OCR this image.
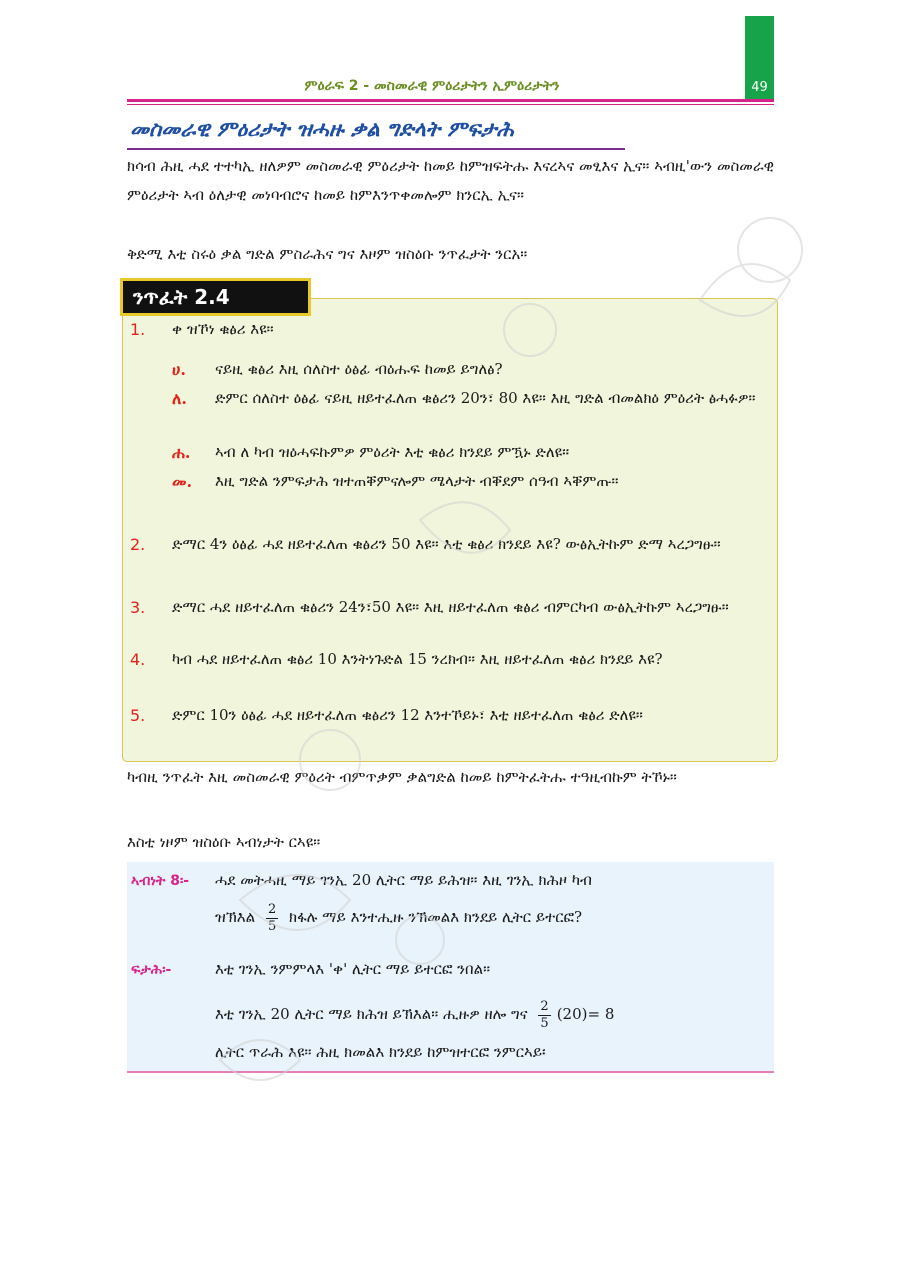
49
ምዕራፍ 2 - መስመራዊ ምዕሪታትን ኢምዕሪታትን
መስመራዊ ምዕሪታት ዝሓዙ ቃል ግድላት ምፍታሕ
ክሳብ ሕዚ ሓደ ተተካኢ ዘለዎም መስመራዊ ምዕሪታት ከመይ ከምዝፍትሑ እናረኣና መፂእና ኢና። ኣብዚ'ውን መስመራዊ ምዕሪታት ኣብ ዕለታዊ መነባብሮና ከመይ ከምእንጥቀመሎም ክንርኢ ኢና።
ቅድሚ እቲ ስሩዕ ቃል ግድል ምስራሕና ግና እዞም ዝስዕቡ ንጥፈታት ንርአ።
ንጥፈት 2.4
1. ቀ ዝኾነ ቁፅሪ እዩ።
ሀ. ናይዚ ቁፅሪ እዚ ሰለስተ ዕፅፊ ብዕሑፍ ከመይ ይግለፅ?
ለ. ድምር ሰለስተ ዕፅፊ ናይዚ ዘይተፈለጠ ቁፅሪን 20ን፣ 80 እዩ። እዚ ግድል ብመልክዕ ምዕሪት ፅሓፉዎ።
ሐ. ኣብ ለ ካብ ዝዕሓፍኩምዎ ምዕሪት እቲ ቁፅሪ ክንደይ ምዃኑ ድለዩ፡፡
መ. እዚ ግድል ንምፍታሕ ዝተጠቐምናሎም ሜላታት ብቐደም ሰዓብ ኣቐምጡ።
2. ድማር 4ን ዕፅፊ ሓደ ዘይተፈለጠ ቁፅሪን 50 እዩ። እቲ ቁፅሪ ክንደይ እዩ? ውፅኢትኩም ድማ ኣረጋግፁ።
3. ድማር ሓደ ዘይተፈለጠ ቁፅሪን 24ን፣50 እዩ። እዚ ዘይተፈለጠ ቁፅሪ ብምርካብ ውፅኢትኩም ኣረጋግፁ።
4. ካብ ሓደ ዘይተፈለጠ ቁፅሪ 10 እንትነጉድል 15 ንረክብ። እዚ ዘይተፈለጠ ቁፅሪ ክንደይ እዩ?
5. ድምር 10ን ዕፅፊ ሓደ ዘይተፈለጠ ቁፅሪን 12 እንተኾይኑ፣ እቲ ዘይተፈለጠ ቁፅሪ ድለዩ።
ካብዚ ንጥፈት እዚ መስመራዊ ምዕሪት ብምጥቃም ቃልግድል ከመይ ከምትፈትሑ ተዓዚብኩም ትኾኑ።
እስቲ ነዞም ዝስዕቡ ኣብነታት ርኣዩ።
ኣብነት 8፡- ሓደ መትሓዚ ማይ ገንኢ 20 ሊትር ማይ ይሕዝ። እዚ ገንኢ ክሕዞ ካብ
ዝኽእል $\frac{2}{5}$ ክፋሉ ማይ እንተሒዙ ንኽመልእ ክንደይ ሊትር ይተርፎ?
ፍታሕ፡-	እቲ ገንኢ ንምምላእ 'ቀ' ሊትር ማይ ይተርፎ ንበል።
እቲ ገንኢ 20 ሊትር ማይ ክሕዝ ይኽእል። ሒዙዎ ዘሎ ግና $\frac{2}{5} (20)= 8$
ሊትር ጥራሕ እዩ። ሕዚ ክመልእ ክንደይ ከምዝተርፎ ንምርኣይ፡
